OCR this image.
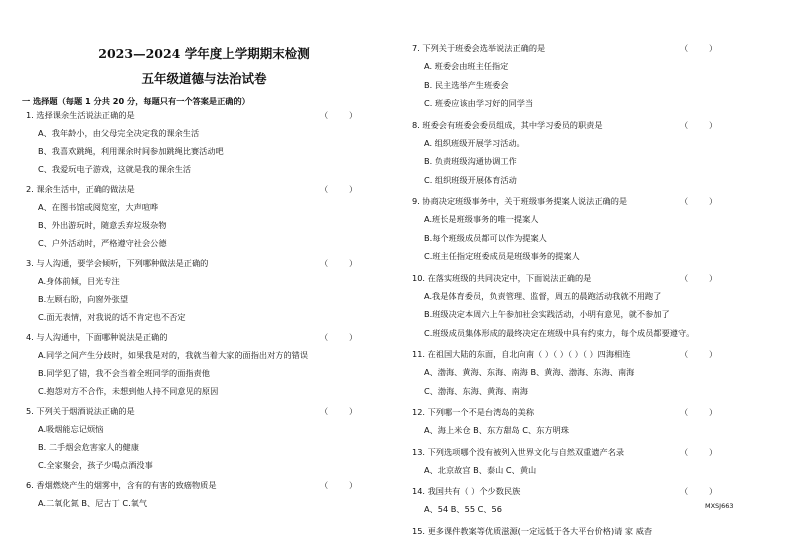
2023—2024 学年度上学期期末检测
五年级道德与法治试卷
一 选择题（每题 1 分共 20 分，每题只有一个答案是正确的）
1. 选择课余生活说法正确的是	（        ）
A、我年龄小，由父母完全决定我的课余生活
B、我喜欢跳绳，利用课余时间参加跳绳比赛活动吧
C、我爱玩电子游戏，这就是我的课余生活
2. 课余生活中，正确的做法是	（        ）
A、在图书馆或阅览室，大声喧哗
B、外出游玩时，随意丢弃垃圾杂物
C、户外活动时，严格遵守社会公德
3. 与人沟通，要学会倾听，下列哪种做法是正确的	（        ）
A.身体前倾，目光专注
B.左顾右盼，向窗外张望
C.面无表情，对我说的话不肯定也不否定
4. 与人沟通中，下面哪种说法是正确的	（        ）
A.同学之间产生分歧时，如果我是对的，我就当着大家的面指出对方的错误
B.同学犯了错，我不会当着全班同学的面指责他
C.抱怨对方不合作，未想到他人持不同意见的原因
5. 下列关于烟酒说法正确的是	（        ）
A.吸烟能忘记烦恼
B. 二手烟会危害家人的健康
C.全家聚会，孩子少喝点酒没事
6. 香烟燃烧产生的烟雾中，含有的有害的致癌物质是	（        ）
A.二氧化氮 B、尼古丁 C.氧气
7. 下列关于班委会选举说法正确的是	（        ）
A. 班委会由班主任指定
B. 民主选举产生班委会
C. 班委应该由学习好的同学当
8. 班委会有班委会委员组成，其中学习委员的职责是	（        ）
A. 组织班级开展学习活动。
B. 负责班级沟通协调工作
C. 组织班级开展体育活动
9. 协商决定班级事务中，关于班级事务提案人说法正确的是	（        ）
A.班长是班级事务的唯一提案人
B.每个班级成员都可以作为提案人
C.班主任指定班委成员是班级事务的提案人
10. 在落实班级的共同决定中，下面说法正确的是	（        ）
A.我是体育委员，负责管理、监督，周五的晨跑活动我就不用跑了
B.班级决定本周六上午参加社会实践活动，小明有意见，就不参加了
C.班级成员集体形成的最终决定在班级中具有约束力，每个成员都要遵守。
11. 在祖国大陆的东面，自北向南（ ）（ ）（ ）（ ）四海相连	（        ）
A、渤海、黄海、东海、南海 B、黄海、渤海、东海、南海
C、渤海、东海、黄海、南海
12. 下列哪一个不是台湾岛的美称	（        ）
A、海上米仓 B、东方甜岛 C、东方明珠
13. 下列选项哪个没有被列入世界文化与自然双重遗产名录	（        ）
A、北京故宫 B、泰山 C、黄山
14. 我国共有（ ）个少数民族	（        ）
A、54 B、55 C、56
15. 更多课件教案等优质滋源(一定远低于各大平台价格)请 家 威杳
MXSJ663
